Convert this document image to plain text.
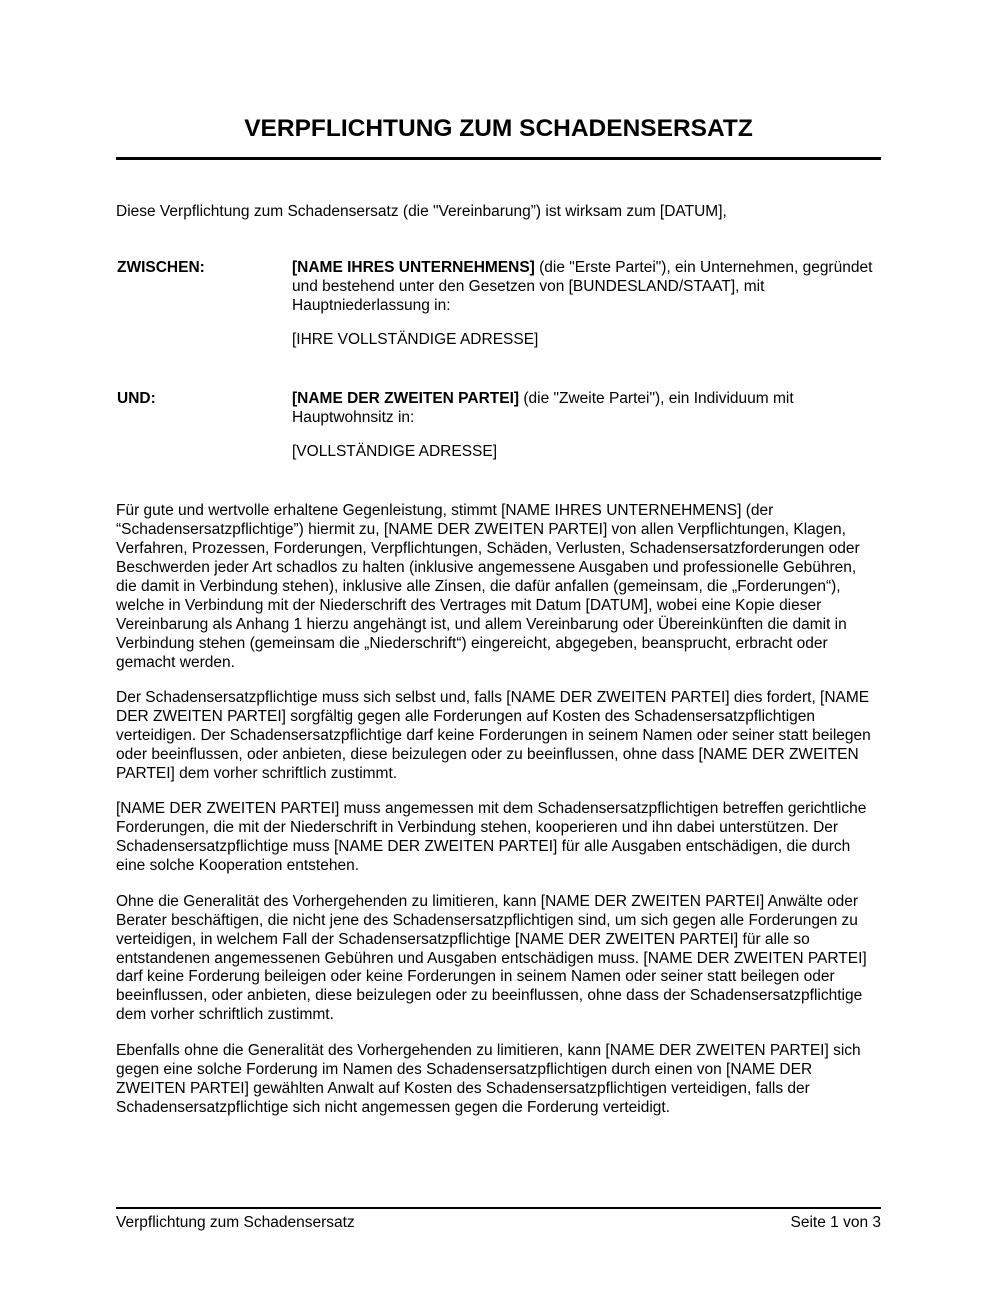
VERPFLICHTUNG ZUM SCHADENSERSATZ

Diese Verpflichtung zum Schadensersatz (die "Vereinbarung”) ist wirksam zum [DATUM],

ZWISCHEN:	[NAME IHRES UNTERNEHMENS] (die "Erste Partei"), ein Unternehmen, gegründet und bestehend unter den Gesetzen von [BUNDESLAND/STAAT], mit Hauptniederlassung in:

[IHRE VOLLSTÄNDIGE ADRESSE]

UND:	[NAME DER ZWEITEN PARTEI] (die "Zweite Partei"), ein Individuum mit Hauptwohnsitz in:

[VOLLSTÄNDIGE ADRESSE]

Für gute und wertvolle erhaltene Gegenleistung, stimmt [NAME IHRES UNTERNEHMENS] (der “Schadensersatzpflichtige”) hiermit zu, [NAME DER ZWEITEN PARTEI] von allen Verpflichtungen, Klagen, Verfahren, Prozessen, Forderungen, Verpflichtungen, Schäden, Verlusten, Schadensersatzforderungen oder Beschwerden jeder Art schadlos zu halten (inklusive angemessene Ausgaben und professionelle Gebühren, die damit in Verbindung stehen), inklusive alle Zinsen, die dafür anfallen (gemeinsam, die „Forderungen“), welche in Verbindung mit der Niederschrift des Vertrages mit Datum [DATUM], wobei eine Kopie dieser Vereinbarung als Anhang 1 hierzu angehängt ist, und allem Vereinbarung oder Übereinkünften die damit in Verbindung stehen (gemeinsam die „Niederschrift“) eingereicht, abgegeben, beansprucht, erbracht oder gemacht werden.

Der Schadensersatzpflichtige muss sich selbst und, falls [NAME DER ZWEITEN PARTEI] dies fordert, [NAME DER ZWEITEN PARTEI] sorgfältig gegen alle Forderungen auf Kosten des Schadensersatzpflichtigen verteidigen. Der Schadensersatzpflichtige darf keine Forderungen in seinem Namen oder seiner statt beilegen oder beeinflussen, oder anbieten, diese beizulegen oder zu beeinflussen, ohne dass [NAME DER ZWEITEN PARTEI] dem vorher schriftlich zustimmt.

[NAME DER ZWEITEN PARTEI] muss angemessen mit dem Schadensersatzpflichtigen betreffen gerichtliche Forderungen, die mit der Niederschrift in Verbindung stehen, kooperieren und ihn dabei unterstützen. Der Schadensersatzpflichtige muss [NAME DER ZWEITEN PARTEI] für alle Ausgaben entschädigen, die durch eine solche Kooperation entstehen.

Ohne die Generalität des Vorhergehenden zu limitieren, kann [NAME DER ZWEITEN PARTEI] Anwälte oder Berater beschäftigen, die nicht jene des Schadensersatzpflichtigen sind, um sich gegen alle Forderungen zu verteidigen, in welchem Fall der Schadensersatzpflichtige [NAME DER ZWEITEN PARTEI] für alle so entstandenen angemessenen Gebühren und Ausgaben entschädigen muss. [NAME DER ZWEITEN PARTEI] darf keine Forderung beileigen oder keine Forderungen in seinem Namen oder seiner statt beilegen oder beeinflussen, oder anbieten, diese beizulegen oder zu beeinflussen, ohne dass der Schadensersatzpflichtige dem vorher schriftlich zustimmt.

Ebenfalls ohne die Generalität des Vorhergehenden zu limitieren, kann [NAME DER ZWEITEN PARTEI] sich gegen eine solche Forderung im Namen des Schadensersatzpflichtigen durch einen von [NAME DER ZWEITEN PARTEI] gewählten Anwalt auf Kosten des Schadensersatzpflichtigen verteidigen, falls der Schadensersatzpflichtige sich nicht angemessen gegen die Forderung verteidigt.

Verpflichtung zum Schadensersatz	Seite 1 von 3
